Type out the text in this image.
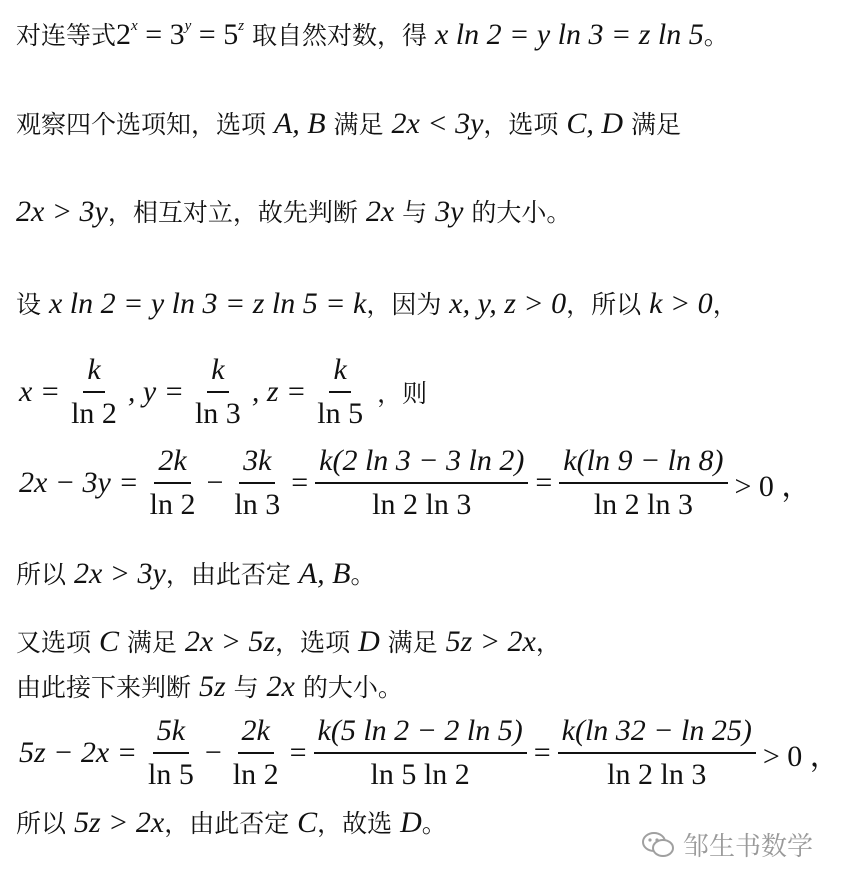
对连等式$2^x = 3^y = 5^z$ 取自然对数，得 x ln 2 = y ln 3 = z ln 5。
观察四个选项知，选项 A, B 满足 2x < 3y，选项 C, D 满足
2x > 3y，相互对立，故先判断 2x 与 3y 的大小。
设 x ln 2 = y ln 3 = z ln 5 = k，因为 x, y, z > 0，所以 k > 0，
$x = \frac{k}{\ln 2}$ , $y = \frac{k}{\ln 3}$ , $z = \frac{k}{\ln 5}$ ，则
$2x - 3y = \frac{2k}{\ln 2} - \frac{3k}{\ln 3} = \frac{k(2 \ln 3 - 3 \ln 2)}{\ln 2 \ln 3} = \frac{k(\ln 9 - \ln 8)}{\ln 2 \ln 3} > 0$ ，
所以 2x > 3y，由此否定 A, B。
又选项 C 满足 2x > 5z，选项 D 满足 5z > 2x，
由此接下来判断 5z 与 2x 的大小。
$5z - 2x = \frac{5k}{\ln 5} - \frac{2k}{\ln 2} = \frac{k(5 \ln 2 - 2 \ln 5)}{\ln 5 \ln 2} = \frac{k(\ln 32 - \ln 25)}{\ln 2 \ln 3} > 0$ ，
所以 5z > 2x，由此否定 C，故选 D。
邹生书数学
